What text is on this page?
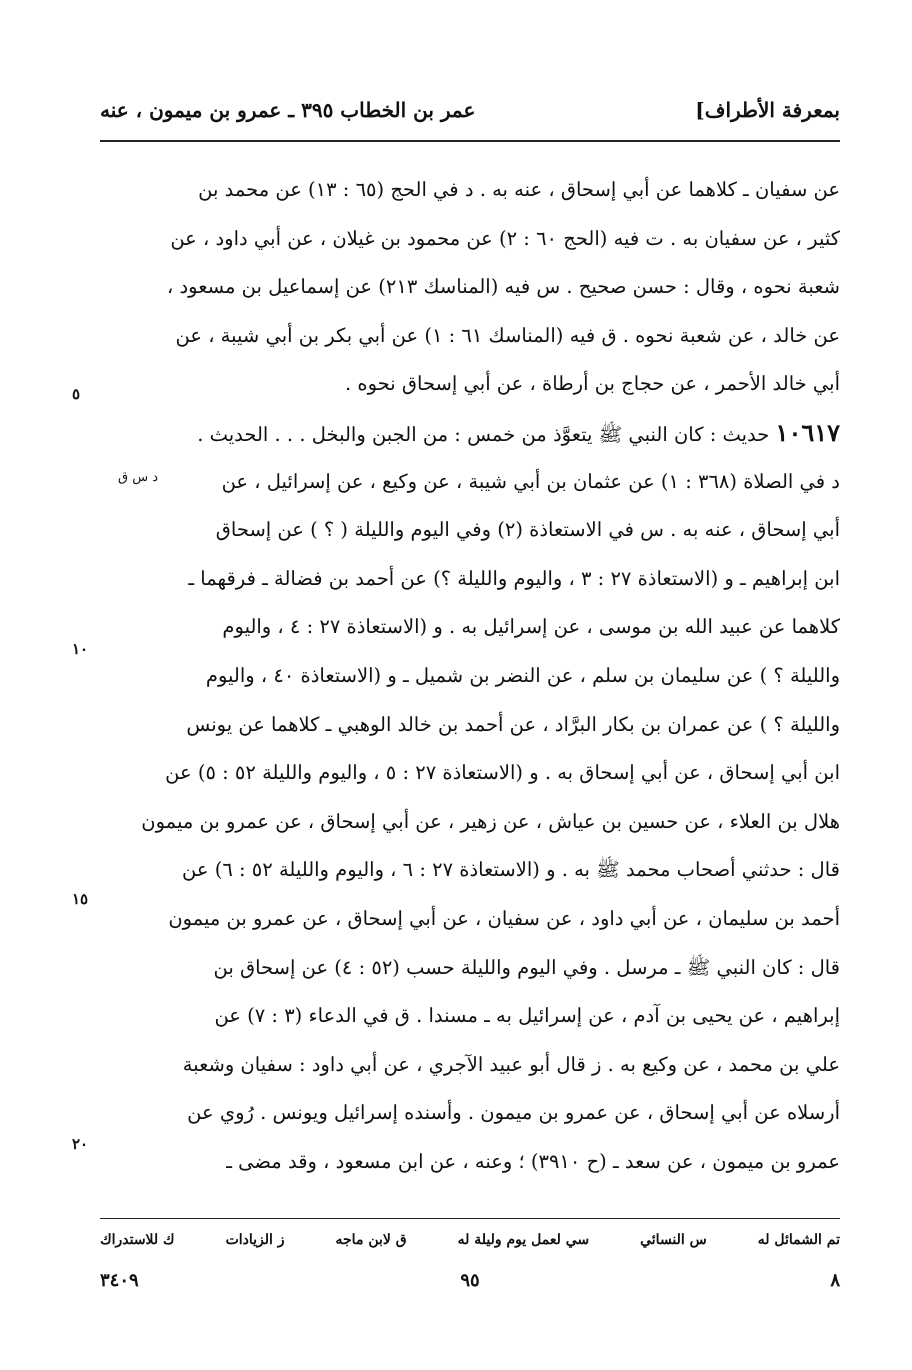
بمعرفة الأطراف]
عمر بن الخطاب ٣٩٥ ـ عمرو بن ميمون ، عنه
عن سفيان ـ كلاهما عن أبي إسحاق ، عنه به . د في الحج (٦٥ : ١٣) عن محمد بن
كثير ، عن سفيان به . ت فيه (الحج ٦٠ : ٢) عن محمود بن غيلان ، عن أبي داود ، عن
شعبة نحوه ، وقال : حسن صحيح . س فيه (المناسك ٢١٣) عن إسماعيل بن مسعود ،
عن خالد ، عن شعبة نحوه . ق فيه (المناسك ٦١ : ١) عن أبي بكر بن أبي شيبة ، عن
أبي خالد الأحمر ، عن حجاج بن أرطاة ، عن أبي إسحاق نحوه .
١٠٦١٧ حديث : كان النبي ﷺ يتعوَّذ من خمس : من الجبن والبخل . . . الحديث .
د في الصلاة (٣٦٨ : ١) عن عثمان بن أبي شيبة ، عن وكيع ، عن إسرائيل ، عن
أبي إسحاق ، عنه به . س في الاستعاذة (٢) وفي اليوم والليلة ( ؟ ) عن إسحاق
ابن إبراهيم ـ و (الاستعاذة ٢٧ : ٣ ، واليوم والليلة ؟) عن أحمد بن فضالة ـ فرقهما ـ
كلاهما عن عبيد الله بن موسى ، عن إسرائيل به . و (الاستعاذة ٢٧ : ٤ ، واليوم
والليلة ؟ ) عن سليمان بن سلم ، عن النضر بن شميل ـ و (الاستعاذة ٤٠ ، واليوم
والليلة ؟ ) عن عمران بن بكار البرَّاد ، عن أحمد بن خالد الوهبي ـ كلاهما عن يونس
ابن أبي إسحاق ، عن أبي إسحاق به . و (الاستعاذة ٢٧ : ٥ ، واليوم والليلة ٥٢ : ٥) عن
هلال بن العلاء ، عن حسين بن عياش ، عن زهير ، عن أبي إسحاق ، عن عمرو بن ميمون
قال : حدثني أصحاب محمد ﷺ به . و (الاستعاذة ٢٧ : ٦ ، واليوم والليلة ٥٢ : ٦) عن
أحمد بن سليمان ، عن أبي داود ، عن سفيان ، عن أبي إسحاق ، عن عمرو بن ميمون
قال : كان النبي ﷺ ـ مرسل . وفي اليوم والليلة حسب (٥٢ : ٤) عن إسحاق بن
إبراهيم ، عن يحيى بن آدم ، عن إسرائيل به ـ مسندا . ق في الدعاء (٣ : ٧) عن
علي بن محمد ، عن وكيع به . ز قال أبو عبيد الآجري ، عن أبي داود : سفيان وشعبة
أرسلاه عن أبي إسحاق ، عن عمرو بن ميمون . وأسنده إسرائيل ويونس . رُوي عن
عمرو بن ميمون ، عن سعد ـ (ح ٣٩١٠) ؛ وعنه ، عن ابن مسعود ، وقد مضى ـ
٥
د س ق
١٠
١٥
٢٠
تم الشمائل له
س النسائي
سي لعمل يوم وليلة له
ق لابن ماجه
ز الزيادات
ك للاستدراك
٨
٩٥
٣٤٠٩
